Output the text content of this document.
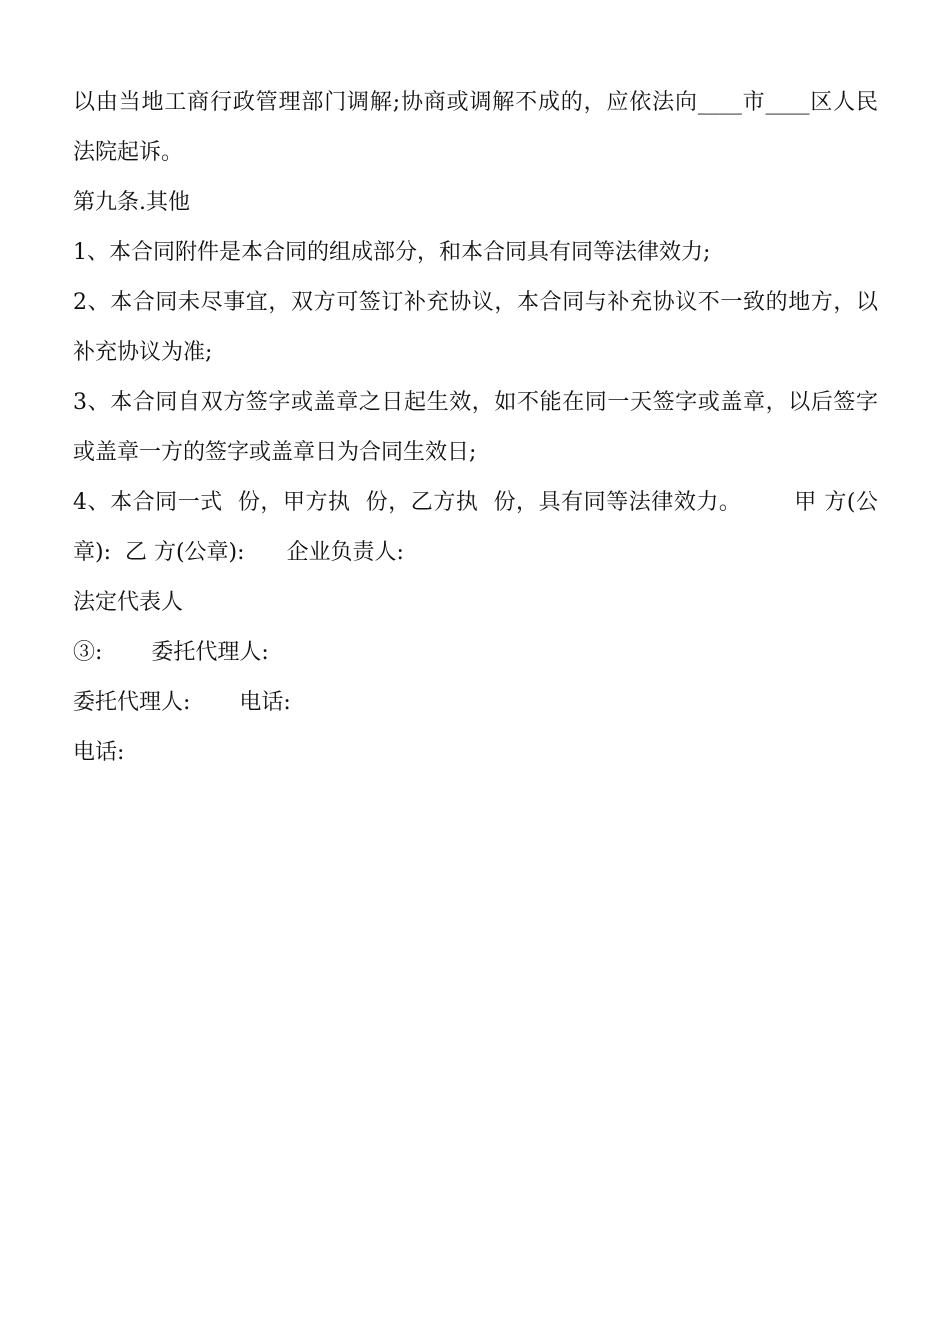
以由当地工商行政管理部门调解;协商或调解不成的，应依法向____市____区人民
法院起诉。
第九条.其他
1、本合同附件是本合同的组成部分，和本合同具有同等法律效力;
2、本合同未尽事宜，双方可签订补充协议，本合同与补充协议不一致的地方，以
补充协议为准;
3、本合同自双方签字或盖章之日起生效，如不能在同一天签字或盖章，以后签字
或盖章一方的签字或盖章日为合同生效日;
4、本合同一式  份，甲方执  份，乙方执  份，具有同等法律效力。       甲 方(公
章):  乙 方(公章):      企业负责人:
法定代表人
③:       委托代理人:
委托代理人:       电话:
电话:
